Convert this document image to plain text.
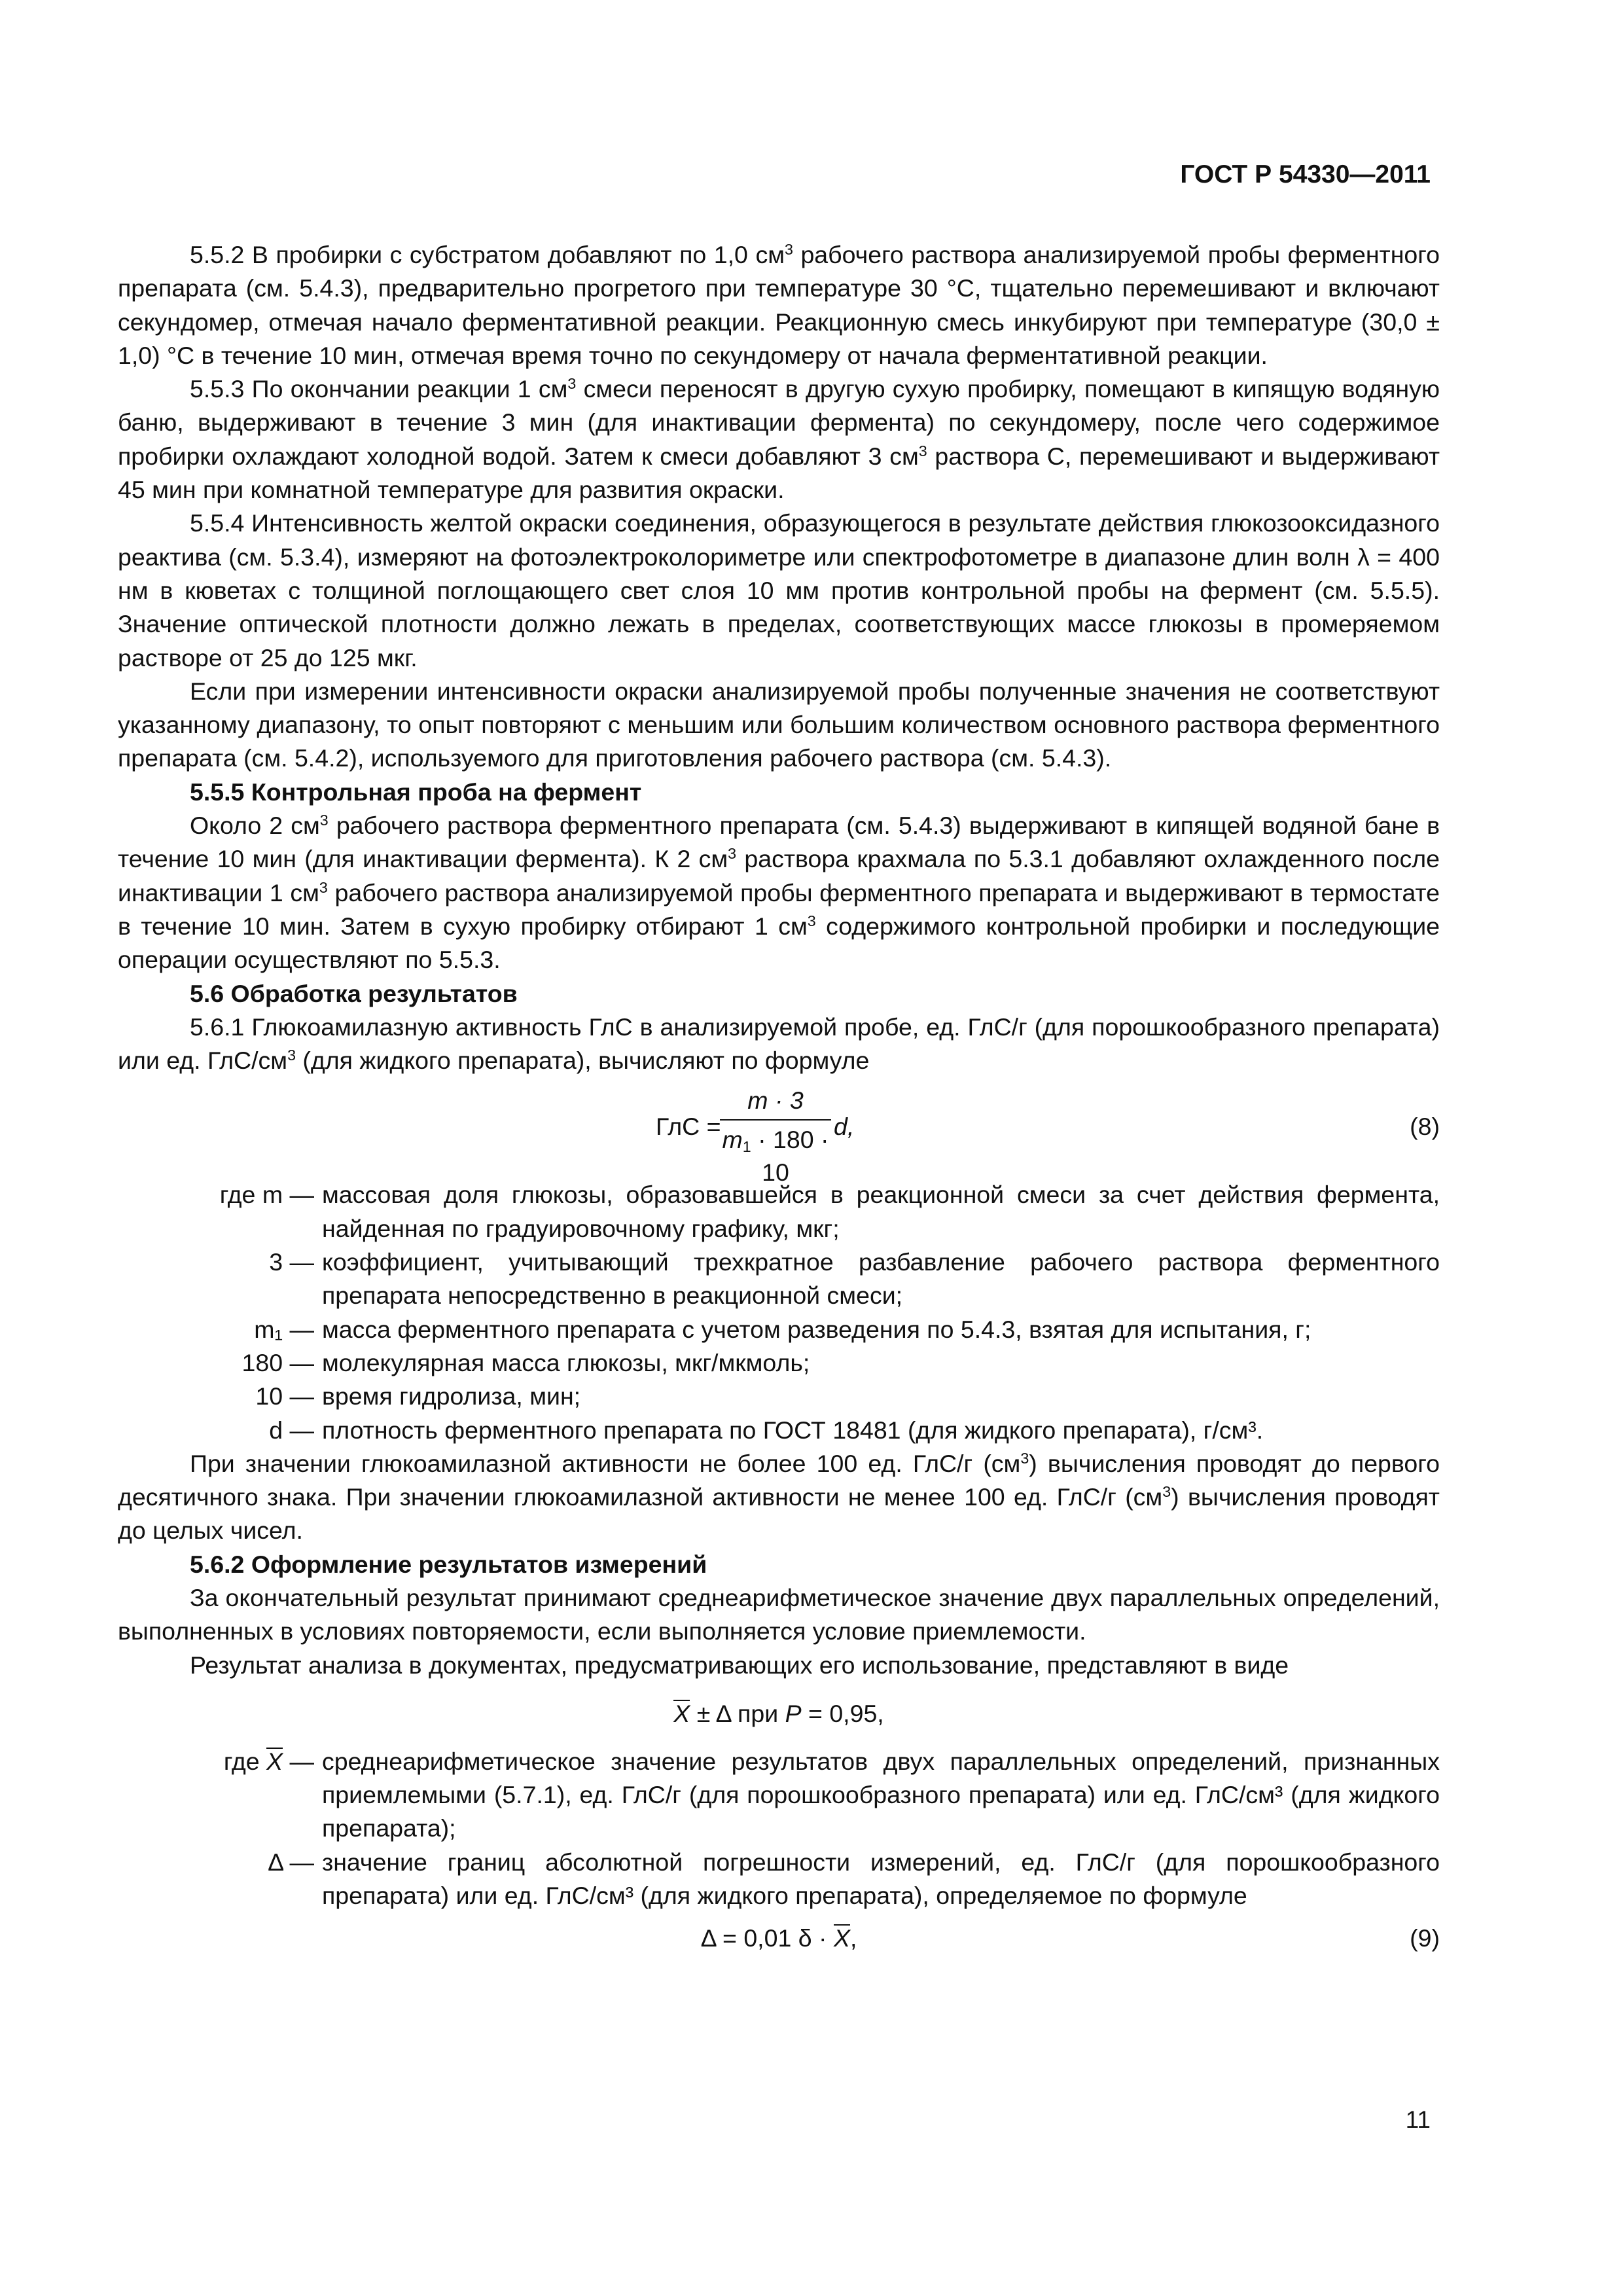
ГОСТ Р 54330—2011

5.5.2 В пробирки с субстратом добавляют по 1,0 $см^3$ рабочего раствора анализируемой пробы ферментного препарата (см. 5.4.3), предварительно прогретого при температуре 30 °С, тщательно перемешивают и включают секундомер, отмечая начало ферментативной реакции. Реакционную смесь инкубируют при температуре (30,0 ± 1,0) °С в течение 10 мин, отмечая время точно по секундомеру от начала ферментативной реакции.

5.5.3 По окончании реакции 1 $см^3$ смеси переносят в другую сухую пробирку, помещают в кипящую водяную баню, выдерживают в течение 3 мин (для инактивации фермента) по секундомеру, после чего содержимое пробирки охлаждают холодной водой. Затем к смеси добавляют 3 $см^3$ раствора С, перемешивают и выдерживают 45 мин при комнатной температуре для развития окраски.

5.5.4 Интенсивность желтой окраски соединения, образующегося в результате действия глюкозооксидазного реактива (см. 5.3.4), измеряют на фотоэлектроколориметре или спектрофотометре в диапазоне длин волн λ = 400 нм в кюветах с толщиной поглощающего свет слоя 10 мм против контрольной пробы на фермент (см. 5.5.5). Значение оптической плотности должно лежать в пределах, соответствующих массе глюкозы в промеряемом растворе от 25 до 125 мкг.

Если при измерении интенсивности окраски анализируемой пробы полученные значения не соответствуют указанному диапазону, то опыт повторяют с меньшим или большим количеством основного раствора ферментного препарата (см. 5.4.2), используемого для приготовления рабочего раствора (см. 5.4.3).

5.5.5 Контрольная проба на фермент

Около 2 $см^3$ рабочего раствора ферментного препарата (см. 5.4.3) выдерживают в кипящей водяной бане в течение 10 мин (для инактивации фермента). К 2 $см^3$ раствора крахмала по 5.3.1 добавляют охлажденного после инактивации 1 $см^3$ рабочего раствора анализируемой пробы ферментного препарата и выдерживают в термостате в течение 10 мин. Затем в сухую пробирку отбирают 1 $см^3$ содержимого контрольной пробирки и последующие операции осуществляют по 5.5.3.

5.6 Обработка результатов

5.6.1 Глюкоамилазную активность ГлС в анализируемой пробе, ед. ГлС/г (для порошкообразного препарата) или ед. ГлС/$см^3$ (для жидкого препарата), вычисляют по формуле

ГлС =
$\frac{m \cdot 3}{m_1 \cdot 180 \cdot 10} d$,	(8)
где m — массовая доля глюкозы, образовавшейся в реакционной смеси за счет действия фермента, найденная по градуировочному графику, мкг;
3 — коэффициент, учитывающий трехкратное разбавление рабочего раствора ферментного препарата непосредственно в реакционной смеси;
m₁ — масса ферментного препарата с учетом разведения по 5.4.3, взятая для испытания, г;
180 — молекулярная масса глюкозы, мкг/мкмоль;
10 — время гидролиза, мин;
d — плотность ферментного препарата по ГОСТ 18481 (для жидкого препарата), г/см³.

При значении глюкоамилазной активности не более 100 ед. ГлС/г $(см^3)$ вычисления проводят до первого десятичного знака. При значении глюкоамилазной активности не менее 100 ед. ГлС/г $(см^3)$ вычисления проводят до целых чисел.

5.6.2 Оформление результатов измерений

За окончательный результат принимают среднеарифметическое значение двух параллельных определений, выполненных в условиях повторяемости, если выполняется условие приемлемости.

Результат анализа в документах, предусматривающих его использование, представляют в виде

X ± Δ при P = 0,95,
где X — среднеарифметическое значение результатов двух параллельных определений, признанных приемлемыми (5.7.1), ед. ГлС/г (для порошкообразного препарата) или ед. ГлС/см³ (для жидкого препарата);
Δ — значение границ абсолютной погрешности измерений, ед. ГлС/г (для порошкообразного препарата) или ед. ГлС/см³ (для жидкого препарата), определяемое по формуле
Δ = 0,01 δ · X,	(9)
11
